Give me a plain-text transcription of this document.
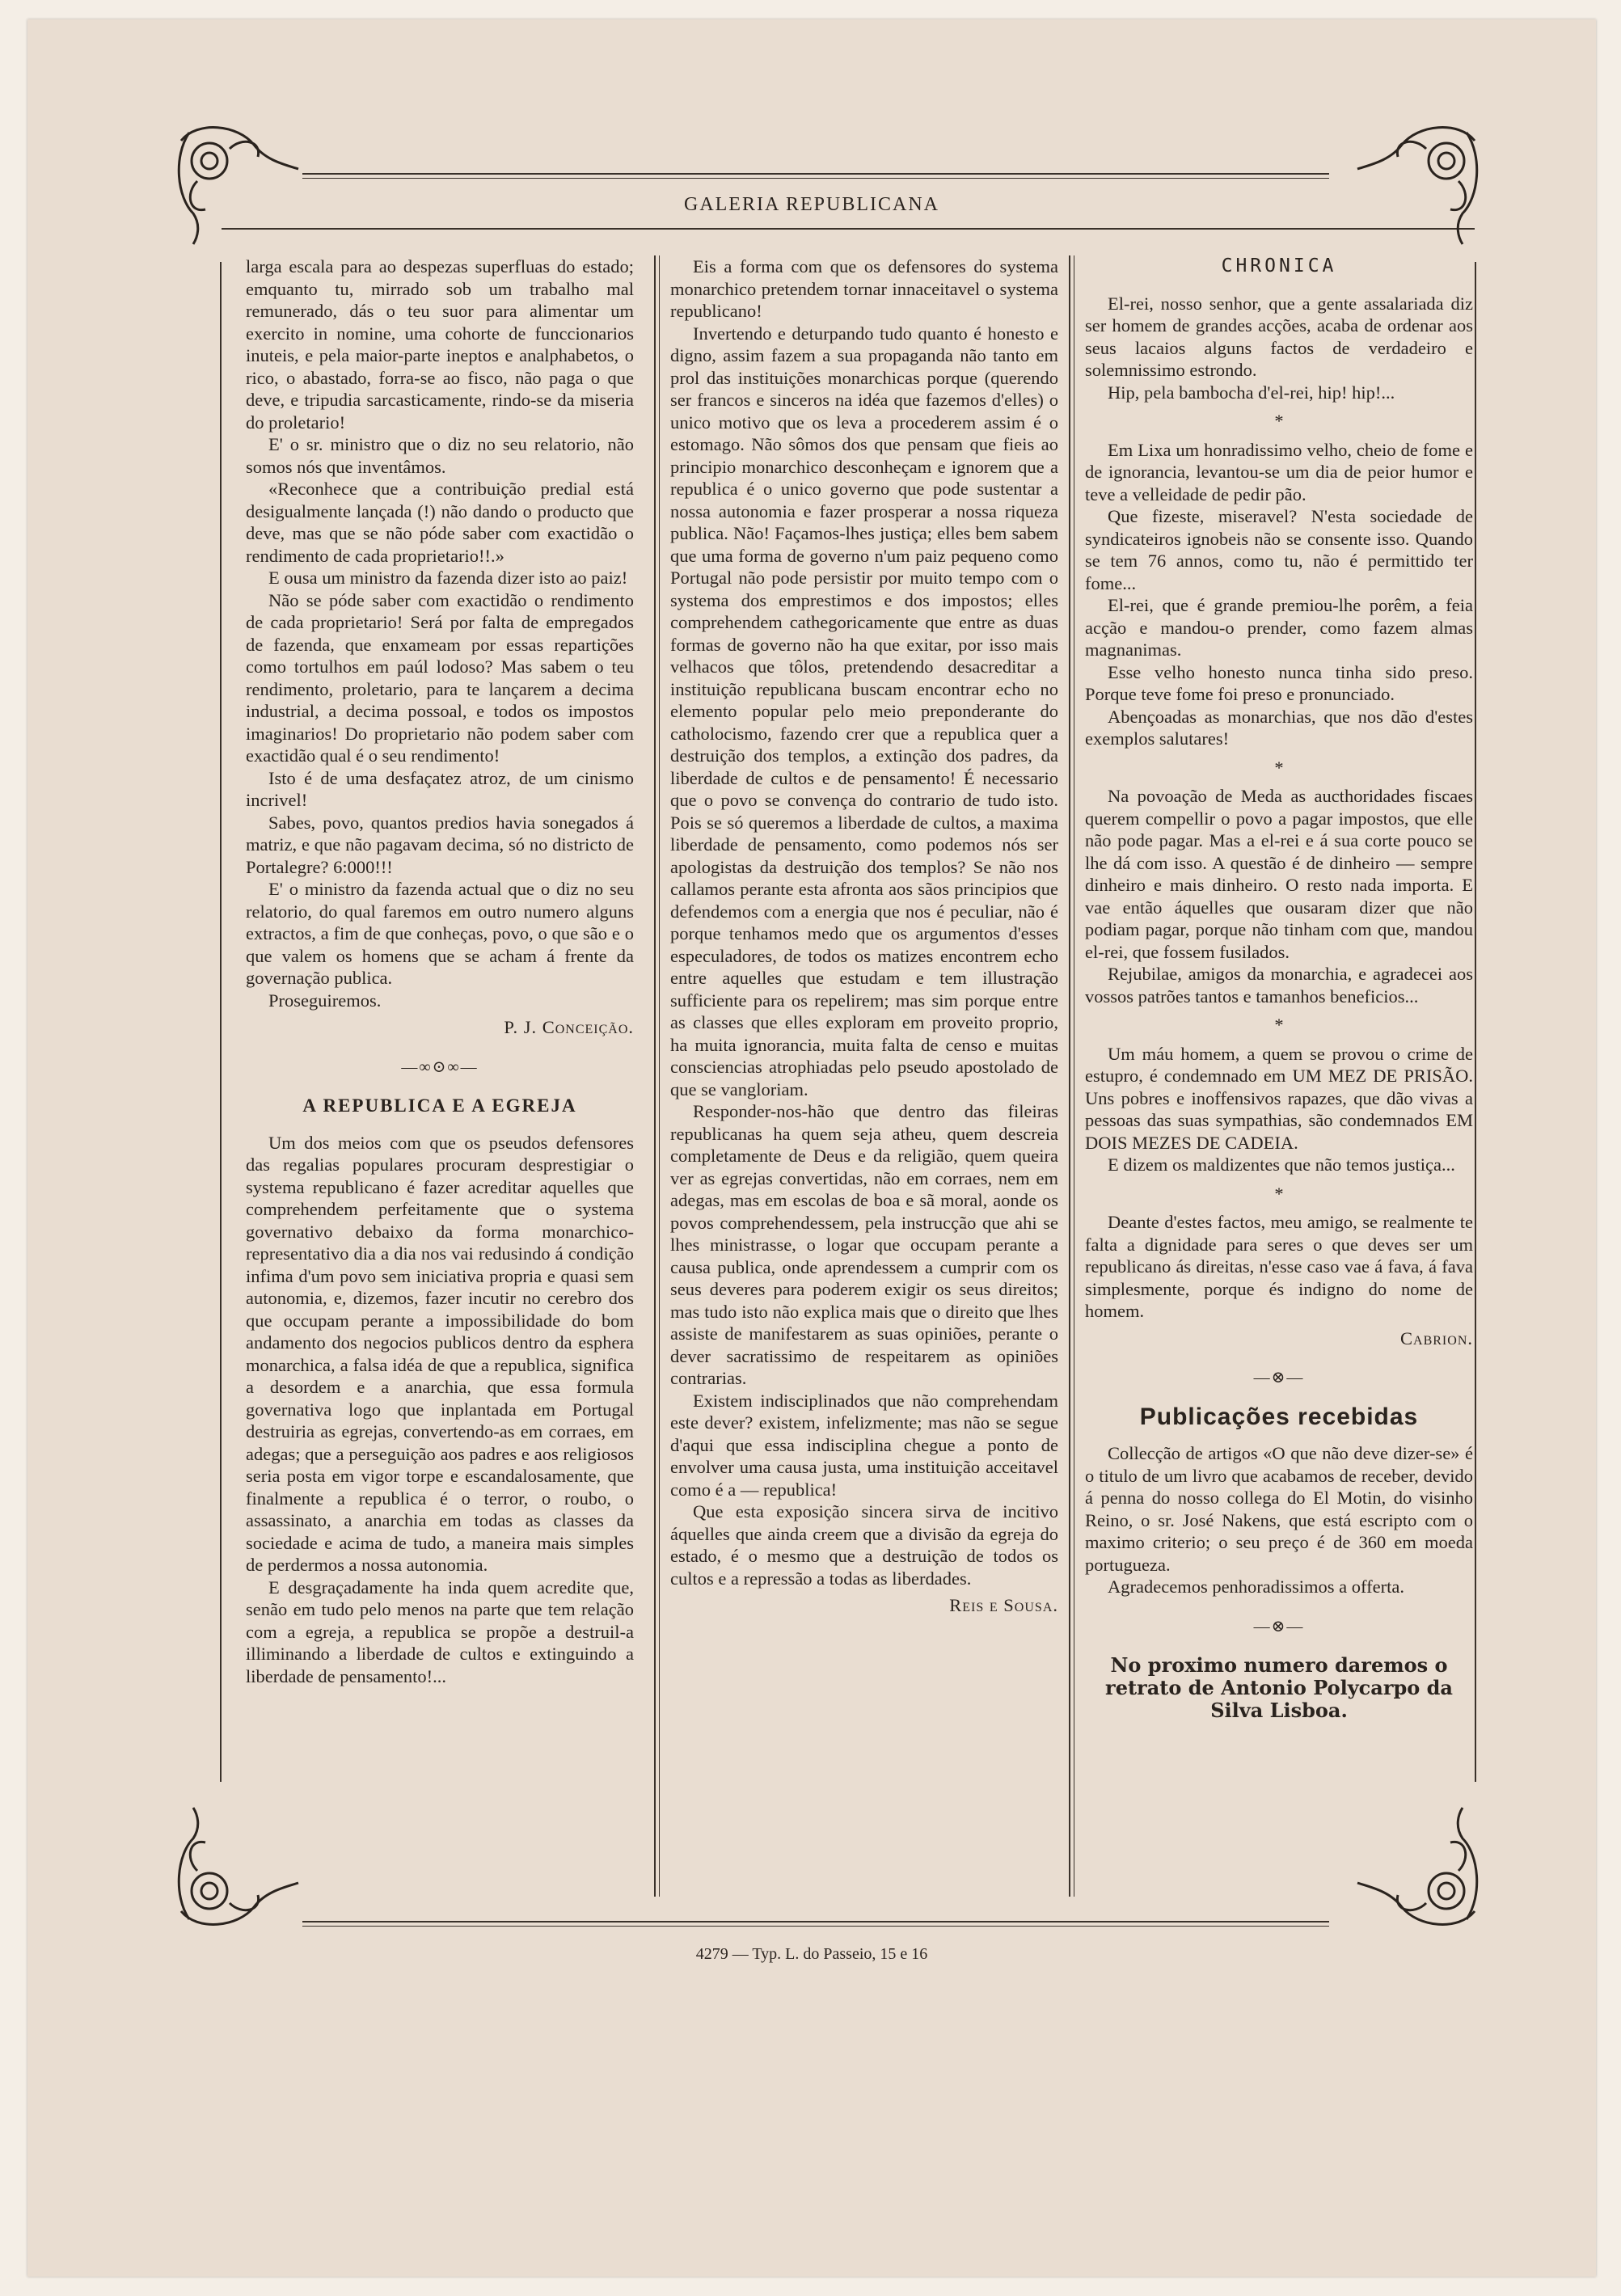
GALERIA REPUBLICANA

larga escala para ao despezas superfluas do estado; emquanto tu, mirrado sob um trabalho mal remunerado, dás o teu suor para alimentar um exercito in nomine, uma cohorte de funccionarios inuteis, e pela maior-parte ineptos e analphabetos, o rico, o abastado, forra-se ao fisco, não paga o que deve, e tripudia sarcasticamente, rindo-se da miseria do proletario!

E' o sr. ministro que o diz no seu relatorio, não somos nós que inventâmos.

«Reconhece que a contribuição predial está desigualmente lançada (!) não dando o producto que deve, mas que se não póde saber com exactidão o rendimento de cada proprietario!!.»

E ousa um ministro da fazenda dizer isto ao paiz!

Não se póde saber com exactidão o rendimento de cada proprietario! Será por falta de empregados de fazenda, que enxameam por essas repartições como tortulhos em paúl lodoso? Mas sabem o teu rendimento, proletario, para te lançarem a decima industrial, a decima possoal, e todos os impostos imaginarios! Do proprietario não podem saber com exactidão qual é o seu rendimento!

Isto é de uma desfaçatez atroz, de um cinismo incrivel!

Sabes, povo, quantos predios havia sonegados á matriz, e que não pagavam decima, só no districto de Portalegre? 6:000!!!

E' o ministro da fazenda actual que o diz no seu relatorio, do qual faremos em outro numero alguns extractos, a fim de que conheças, povo, o que são e o que valem os homens que se acham á frente da governação publica.

Proseguiremos.

P. J. Conceição.
—∞⊙∞—
A REPUBLICA E A EGREJA

Um dos meios com que os pseudos defensores das regalias populares procuram desprestigiar o systema republicano é fazer acreditar aquelles que comprehendem perfeitamente que o systema governativo debaixo da forma monarchico-representativo dia a dia nos vai redusindo á condição infima d'um povo sem iniciativa propria e quasi sem autonomia, e, dizemos, fazer incutir no cerebro dos que occupam perante a impossibilidade do bom andamento dos negocios publicos dentro da esphera monarchica, a falsa idéa de que a republica, significa a desordem e a anarchia, que essa formula governativa logo que inplantada em Portugal destruiria as egrejas, convertendo-as em corraes, em adegas; que a perseguição aos padres e aos religiosos seria posta em vigor torpe e escandalosamente, que finalmente a republica é o terror, o roubo, o assassinato, a anarchia em todas as classes da sociedade e acima de tudo, a maneira mais simples de perdermos a nossa autonomia.

E desgraçadamente ha inda quem acredite que, senão em tudo pelo menos na parte que tem relação com a egreja, a republica se propõe a destruil-a illiminando a liberdade de cultos e extinguindo a liberdade de pensamento!...

Eis a forma com que os defensores do systema monarchico pretendem tornar innaceitavel o systema republicano!

Invertendo e deturpando tudo quanto é honesto e digno, assim fazem a sua propaganda não tanto em prol das instituições monarchicas porque (querendo ser francos e sinceros na idéa que fazemos d'elles) o unico motivo que os leva a procederem assim é o estomago. Não sômos dos que pensam que fieis ao principio monarchico desconheçam e ignorem que a republica é o unico governo que pode sustentar a nossa autonomia e fazer prosperar a nossa riqueza publica. Não! Façamos-lhes justiça; elles bem sabem que uma forma de governo n'um paiz pequeno como Portugal não pode persistir por muito tempo com o systema dos emprestimos e dos impostos; elles comprehendem cathegoricamente que entre as duas formas de governo não ha que exitar, por isso mais velhacos que tôlos, pretendendo desacreditar a instituição republicana buscam encontrar echo no elemento popular pelo meio preponderante do catholocismo, fazendo crer que a republica quer a destruição dos templos, a extinção dos padres, da liberdade de cultos e de pensamento! É necessario que o povo se convença do contrario de tudo isto. Pois se só queremos a liberdade de cultos, a maxima liberdade de pensamento, como podemos nós ser apologistas da destruição dos templos? Se não nos callamos perante esta afronta aos sãos principios que defendemos com a energia que nos é peculiar, não é porque tenhamos medo que os argumentos d'esses especuladores, de todos os matizes encontrem echo entre aquelles que estudam e tem illustração sufficiente para os repelirem; mas sim porque entre as classes que elles exploram em proveito proprio, ha muita ignorancia, muita falta de censo e muitas consciencias atrophiadas pelo pseudo apostolado de que se vangloriam.

Responder-nos-hão que dentro das fileiras republicanas ha quem seja atheu, quem descreia completamente de Deus e da religião, quem queira ver as egrejas convertidas, não em corraes, nem em adegas, mas em escolas de boa e sã moral, aonde os povos comprehendessem, pela instrucção que ahi se lhes ministrasse, o logar que occupam perante a causa publica, onde aprendessem a cumprir com os seus deveres para poderem exigir os seus direitos; mas tudo isto não explica mais que o direito que lhes assiste de manifestarem as suas opiniões, perante o dever sacratissimo de respeitarem as opiniões contrarias.

Existem indisciplinados que não comprehendam este dever? existem, infelizmente; mas não se segue d'aqui que essa indisciplina chegue a ponto de envolver uma causa justa, uma instituição acceitavel como é a — republica!

Que esta exposição sincera sirva de incitivo áquelles que ainda creem que a divisão da egreja do estado, é o mesmo que a destruição de todos os cultos e a repressão a todas as liberdades.

Reis e Sousa.
CHRONICA

El-rei, nosso senhor, que a gente assalariada diz ser homem de grandes acções, acaba de ordenar aos seus lacaios alguns factos de verdadeiro e solemnissimo estrondo.

Hip, pela bambocha d'el-rei, hip! hip!...

*

Em Lixa um honradissimo velho, cheio de fome e de ignorancia, levantou-se um dia de peior humor e teve a velleidade de pedir pão.

Que fizeste, miseravel? N'esta sociedade de syndicateiros ignobeis não se consente isso. Quando se tem 76 annos, como tu, não é permittido ter fome...

El-rei, que é grande premiou-lhe porêm, a feia acção e mandou-o prender, como fazem almas magnanimas.

Esse velho honesto nunca tinha sido preso. Porque teve fome foi preso e pronunciado.

Abençoadas as monarchias, que nos dão d'estes exemplos salutares!

*

Na povoação de Meda as aucthoridades fiscaes querem compellir o povo a pagar impostos, que elle não pode pagar. Mas a el-rei e á sua corte pouco se lhe dá com isso. A questão é de dinheiro — sempre dinheiro e mais dinheiro. O resto nada importa. E vae então áquelles que ousaram dizer que não podiam pagar, porque não tinham com que, mandou el-rei, que fossem fusilados.

Rejubilae, amigos da monarchia, e agradecei aos vossos patrões tantos e tamanhos beneficios...

*

Um máu homem, a quem se provou o crime de estupro, é condemnado em UM MEZ DE PRISÃO. Uns pobres e inoffensivos rapazes, que dão vivas a pessoas das suas sympathias, são condemnados EM DOIS MEZES DE CADEIA.

E dizem os maldizentes que não temos justiça...

*

Deante d'estes factos, meu amigo, se realmente te falta a dignidade para seres o que deves ser um republicano ás direitas, n'esse caso vae á fava, á fava simplesmente, porque és indigno do nome de homem.

Cabrion.
—⊗—
Publicações recebidas

Collecção de artigos «O que não deve dizer-se» é o titulo de um livro que acabamos de receber, devido á penna do nosso collega do El Motin, do visinho Reino, o sr. José Nakens, que está escripto com o maximo criterio; o seu preço é de 360 em moeda portugueza.

Agradecemos penhoradissimos a offerta.

—⊗—

No proximo numero daremos o retrato de Antonio Polycarpo da Silva Lisboa.

4279 — Typ. L. do Passeio, 15 e 16
